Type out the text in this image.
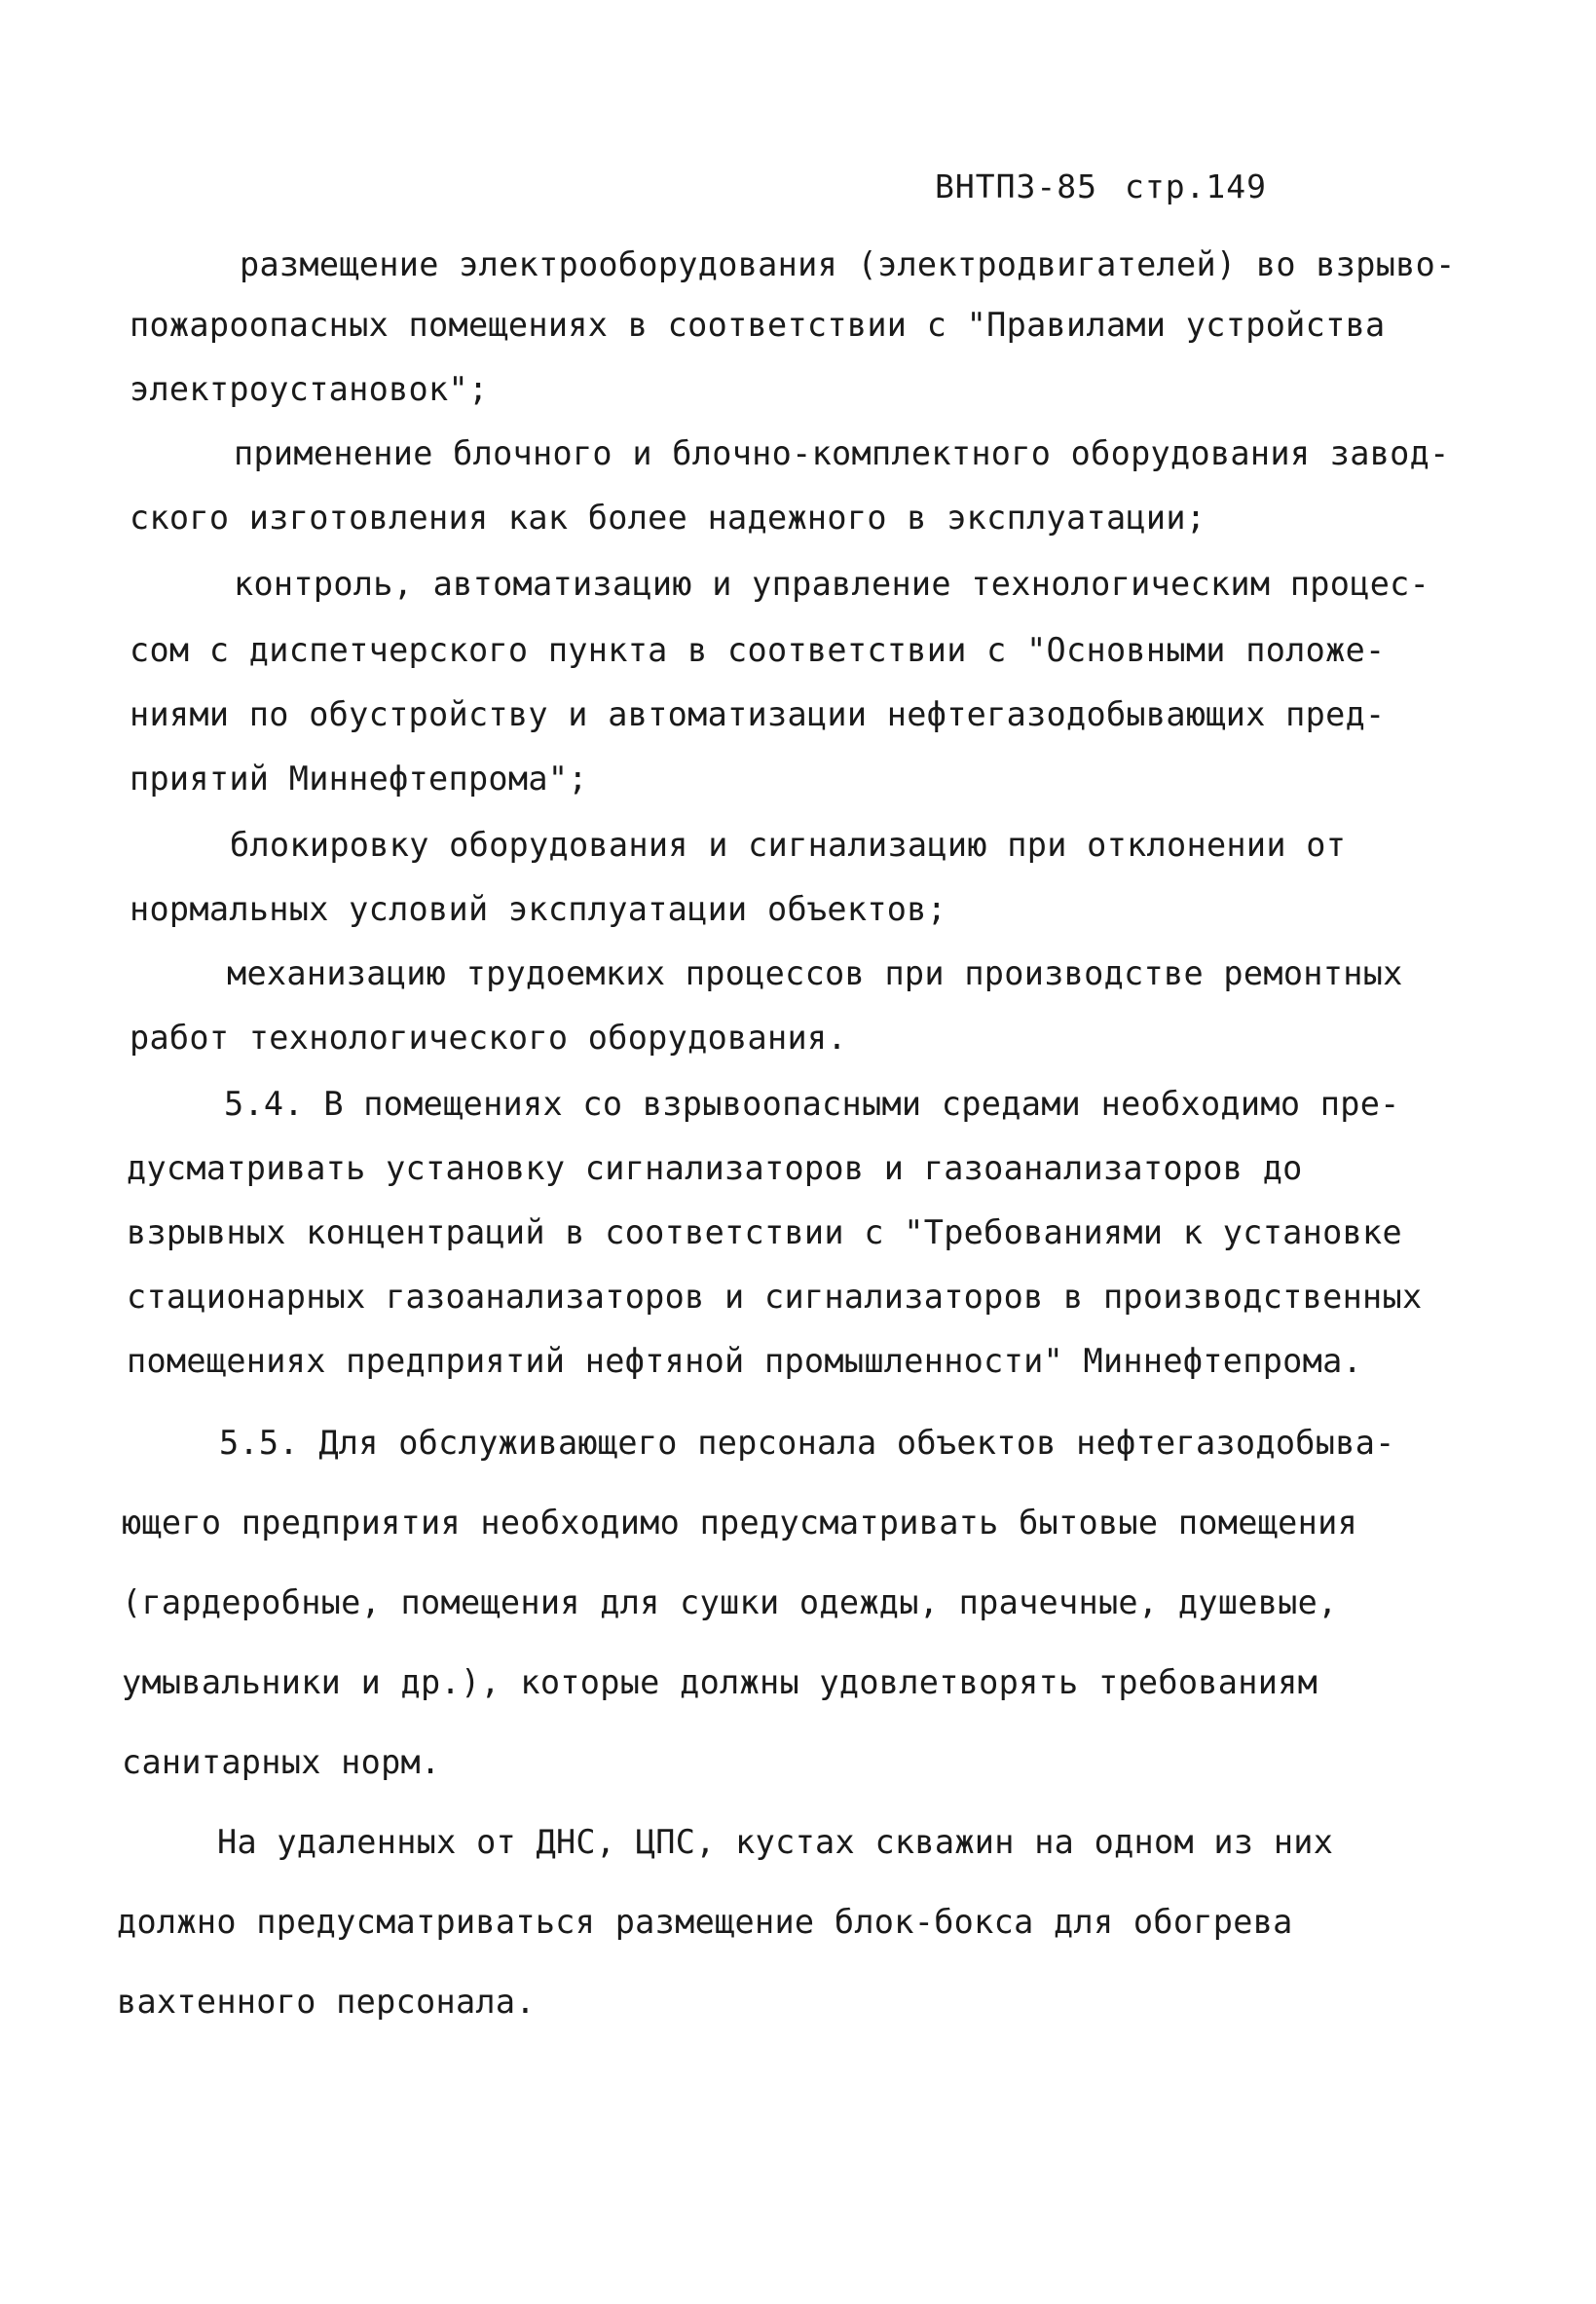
ВНТПЗ-85 стр.149
размещение электрооборудования (электродвигателей) во взрыво-
пожароопасных помещениях в соответствии с "Правилами устройства
электроустановок";
применение блочного и блочно-комплектного оборудования завод-
ского изготовления как более надежного в эксплуатации;
контроль, автоматизацию и управление технологическим процес-
сом с диспетчерского пункта в соответствии с "Основными положе-
ниями по обустройству и автоматизации нефтегазодобывающих пред-
приятий Миннефтепрома";
блокировку оборудования и сигнализацию при отклонении от
нормальных условий эксплуатации объектов;
механизацию трудоемких процессов при производстве ремонтных
работ технологического оборудования.
5.4. В помещениях со взрывоопасными средами необходимо пре-
дусматривать установку сигнализаторов и газоанализаторов до
взрывных концентраций в соответствии с "Требованиями к установке
стационарных газоанализаторов и сигнализаторов в производственных
помещениях предприятий нефтяной промышленности" Миннефтепрома.
5.5. Для обслуживающего персонала объектов нефтегазодобыва-
ющего предприятия необходимо предусматривать бытовые помещения
(гардеробные, помещения для сушки одежды, прачечные, душевые,
умывальники и др.), которые должны удовлетворять требованиям
санитарных норм.
На удаленных от ДНС, ЦПС, кустах скважин на одном из них
должно предусматриваться размещение блок-бокса для обогрева
вахтенного персонала.
